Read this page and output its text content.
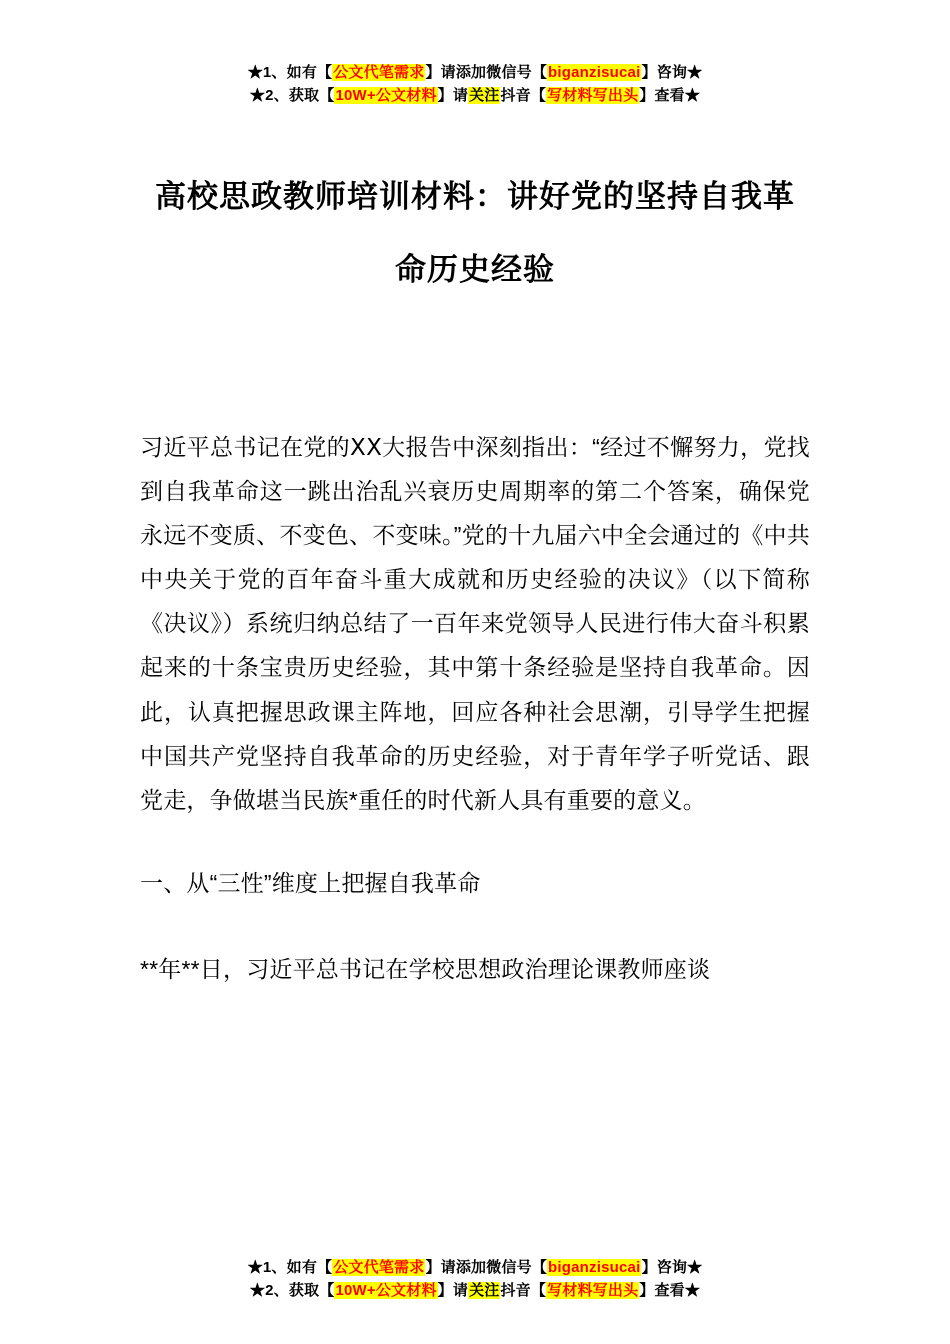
★1、如有【公文代笔需求】请添加微信号【biganzisucai】咨询★
★2、获取【10W+公文材料】请关注抖音【写材料写出头】查看★
高校思政教师培训材料：讲好党的坚持自我革命历史经验

习近平总书记在党的ⅩⅩ大报告中深刻指出：“经过不懈努力，党找到自我革命这一跳出治乱兴衰历史周期率的第二个答案，确保党永远不变质、不变色、不变味。”党的十九届六中全会通过的《中共中央关于党的百年奋斗重大成就和历史经验的决议》（以下简称《决议》）系统归纳总结了一百年来党领导人民进行伟大奋斗积累起来的十条宝贵历史经验，其中第十条经验是坚持自我革命。因此，认真把握思政课主阵地，回应各种社会思潮，引导学生把握中国共产党坚持自我革命的历史经验，对于青年学子听党话、跟党走，争做堪当民族*重任的时代新人具有重要的意义。

一、从“三性”维度上把握自我革命

**年**日，习近平总书记在学校思想政治理论课教师座谈

★1、如有【公文代笔需求】请添加微信号【biganzisucai】咨询★
★2、获取【10W+公文材料】请关注抖音【写材料写出头】查看★
